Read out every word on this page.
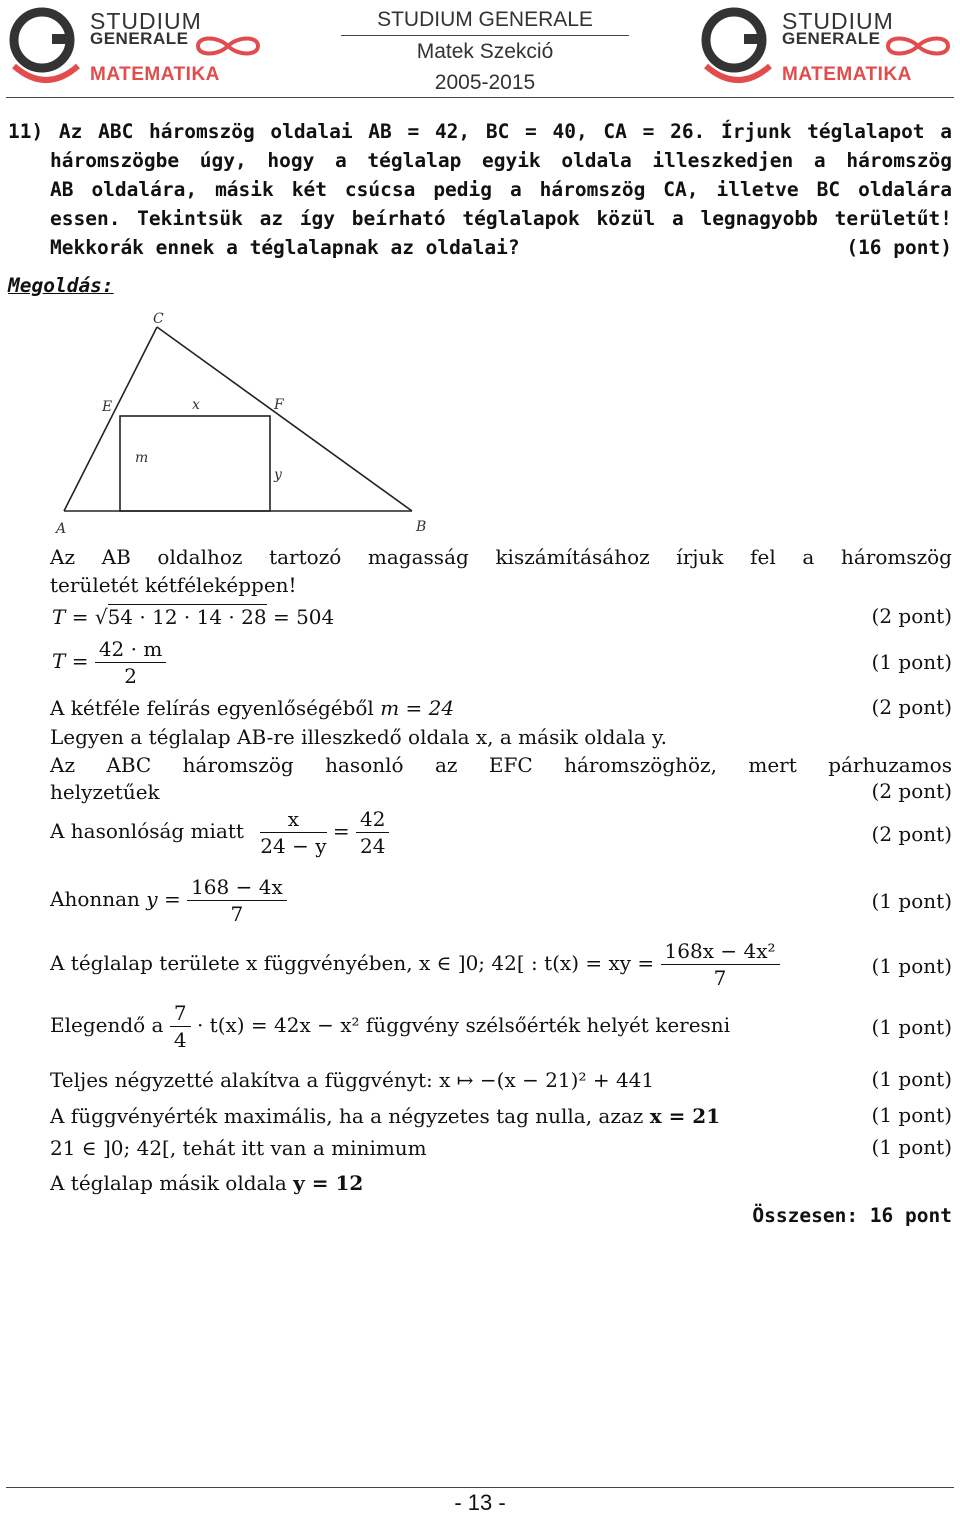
STUDIUM
GENERALE
MATEMATIKA
STUDIUM GENERALE
Matek Szekció
2005-2015
STUDIUM
GENERALE
MATEMATIKA
11) Az ABC háromszög oldalai AB = 42, BC = 40, CA = 26. Írjunk téglalapot a
háromszögbe úgy, hogy a téglalap egyik oldala illeszkedjen a háromszög
AB oldalára, másik két csúcsa pedig a háromszög CA, illetve BC oldalára
essen. Tekintsük az így beírható téglalapok közül a legnagyobb területűt!
Mekkorák ennek a téglalapnak az oldalai?	(16 pont)
Megoldás:
C
E	x	F
m
y
A	B
Az AB oldalhoz tartozó magasság kiszámításához írjuk fel a háromszög
területét kétféleképpen!
T = √54 · 12 · 14 · 28 = 504	(2 pont)
$T = \frac{42 \cdot m}{2}$	(1 pont)
A kétféle felírás egyenlőségéből m = 24	(2 pont)
Legyen a téglalap AB-re illeszkedő oldala x, a másik oldala y.
Az ABC háromszög hasonló az EFC háromszöghöz, mert párhuzamos
helyzetűek	(2 pont)
A hasonlóság miatt $\frac{x}{24 - y} = \frac{42}{24}$	(2 pont)
Ahonnan $y = \frac{168 - 4x}{7}$	(1 pont)
A téglalap területe x függvényében, x ∈ ]0; 42[ : t(x) = xy = $\frac{\text{168x − 4x²}}{7}$	(1 pont)
Elegendő a $\frac{7}{4} \cdot t(x) = 42x - x^2$ függvény szélsőérték helyét keresni	(1 pont)
Teljes négyzetté alakítva a függvényt: x ↦ −(x − 21)² + 441	(1 pont)
A függvényérték maximális, ha a négyzetes tag nulla, azaz x = 21	(1 pont)
21 ∈ ]0; 42[, tehát itt van a minimum	(1 pont)
A téglalap másik oldala y = 12
Összesen: 16 pont
- 13 -
